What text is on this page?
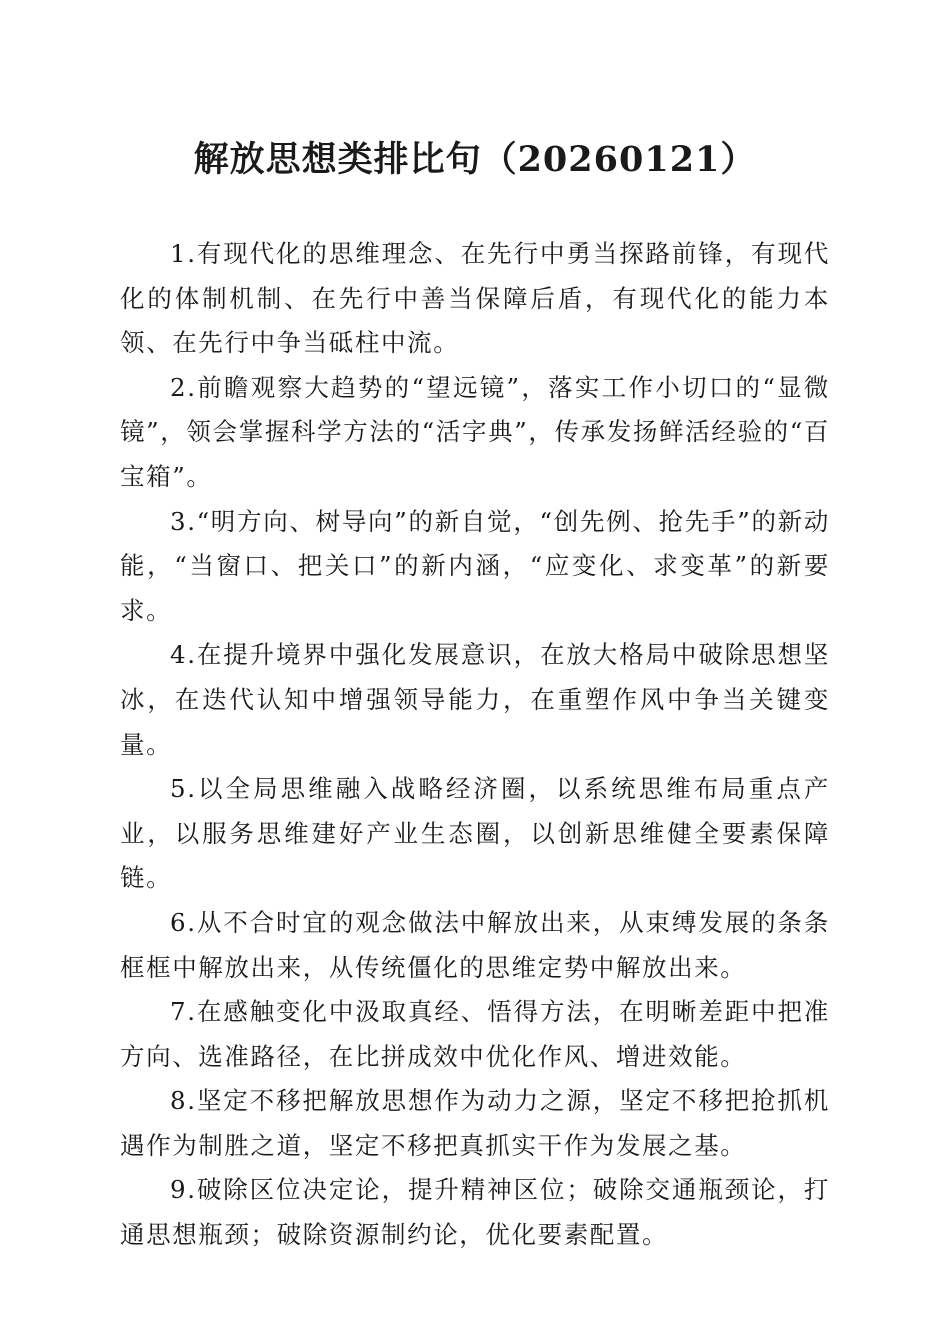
解放思想类排比句（20260121）

1.有现代化的思维理念、在先行中勇当探路前锋，有现代化的体制机制、在先行中善当保障后盾，有现代化的能力本领、在先行中争当砥柱中流。

2.前瞻观察大趋势的“望远镜”，落实工作小切口的“显微镜”，领会掌握科学方法的“活字典”，传承发扬鲜活经验的“百宝箱”。

3.“明方向、树导向”的新自觉，“创先例、抢先手”的新动能，“当窗口、把关口”的新内涵，“应变化、求变革”的新要求。

4.在提升境界中强化发展意识，在放大格局中破除思想坚冰，在迭代认知中增强领导能力，在重塑作风中争当关键变量。

5.以全局思维融入战略经济圈，以系统思维布局重点产业，以服务思维建好产业生态圈，以创新思维健全要素保障链。

6.从不合时宜的观念做法中解放出来，从束缚发展的条条框框中解放出来，从传统僵化的思维定势中解放出来。

7.在感触变化中汲取真经、悟得方法，在明晰差距中把准方向、选准路径，在比拼成效中优化作风、增进效能。

8.坚定不移把解放思想作为动力之源，坚定不移把抢抓机遇作为制胜之道，坚定不移把真抓实干作为发展之基。

9.破除区位决定论，提升精神区位；破除交通瓶颈论，打通思想瓶颈；破除资源制约论，优化要素配置。
